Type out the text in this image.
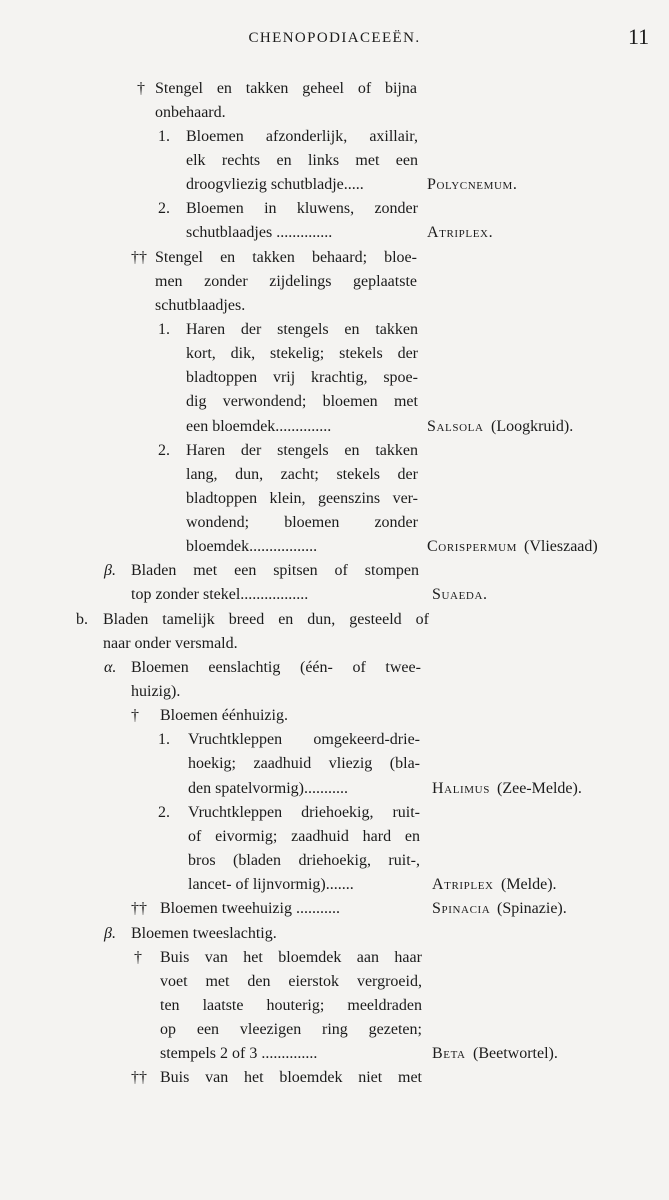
CHENOPODIACEEËN.	11
† Stengel en takken geheel of bijna
onbehaard.
1. Bloemen afzonderlijk, axillair,
elk rechts en links met een
droogvliezig schutbladje.....	Polycnemum.
2. Bloemen in kluwens, zonder
schutblaadjes ..............	Atriplex.
†† Stengel en takken behaard; bloe-
men zonder zijdelings geplaatste
schutblaadjes.
1. Haren der stengels en takken
kort, dik, stekelig; stekels der
bladtoppen vrij krachtig, spoe-
dig verwondend; bloemen met
een bloemdek..............	Salsola (Loogkruid).
2. Haren der stengels en takken
lang, dun, zacht; stekels der
bladtoppen klein, geenszins ver-
wondend; bloemen zonder
bloemdek.................	Corispermum (Vlieszaad)
β. Bladen met een spitsen of stompen
top zonder stekel.................	Suaeda.
b. Bladen tamelijk breed en dun, gesteeld of
naar onder versmald.
α. Bloemen eenslachtig (één- of twee-
huizig).
† Bloemen éénhuizig.
1. Vruchtkleppen omgekeerd-drie-
hoekig; zaadhuid vliezig (bla-
den spatelvormig)...........	Halimus (Zee-Melde).
2. Vruchtkleppen driehoekig, ruit-
of eivormig; zaadhuid hard en
bros (bladen driehoekig, ruit-,
lancet- of lijnvormig).......	Atriplex (Melde).
†† Bloemen tweehuizig ...........	Spinacia (Spinazie).
β. Bloemen tweeslachtig.
† Buis van het bloemdek aan haar
voet met den eierstok vergroeid,
ten laatste houterig; meeldraden
op een vleezigen ring gezeten;
stempels 2 of 3 ..............	Beta (Beetwortel).
†† Buis van het bloemdek niet met
